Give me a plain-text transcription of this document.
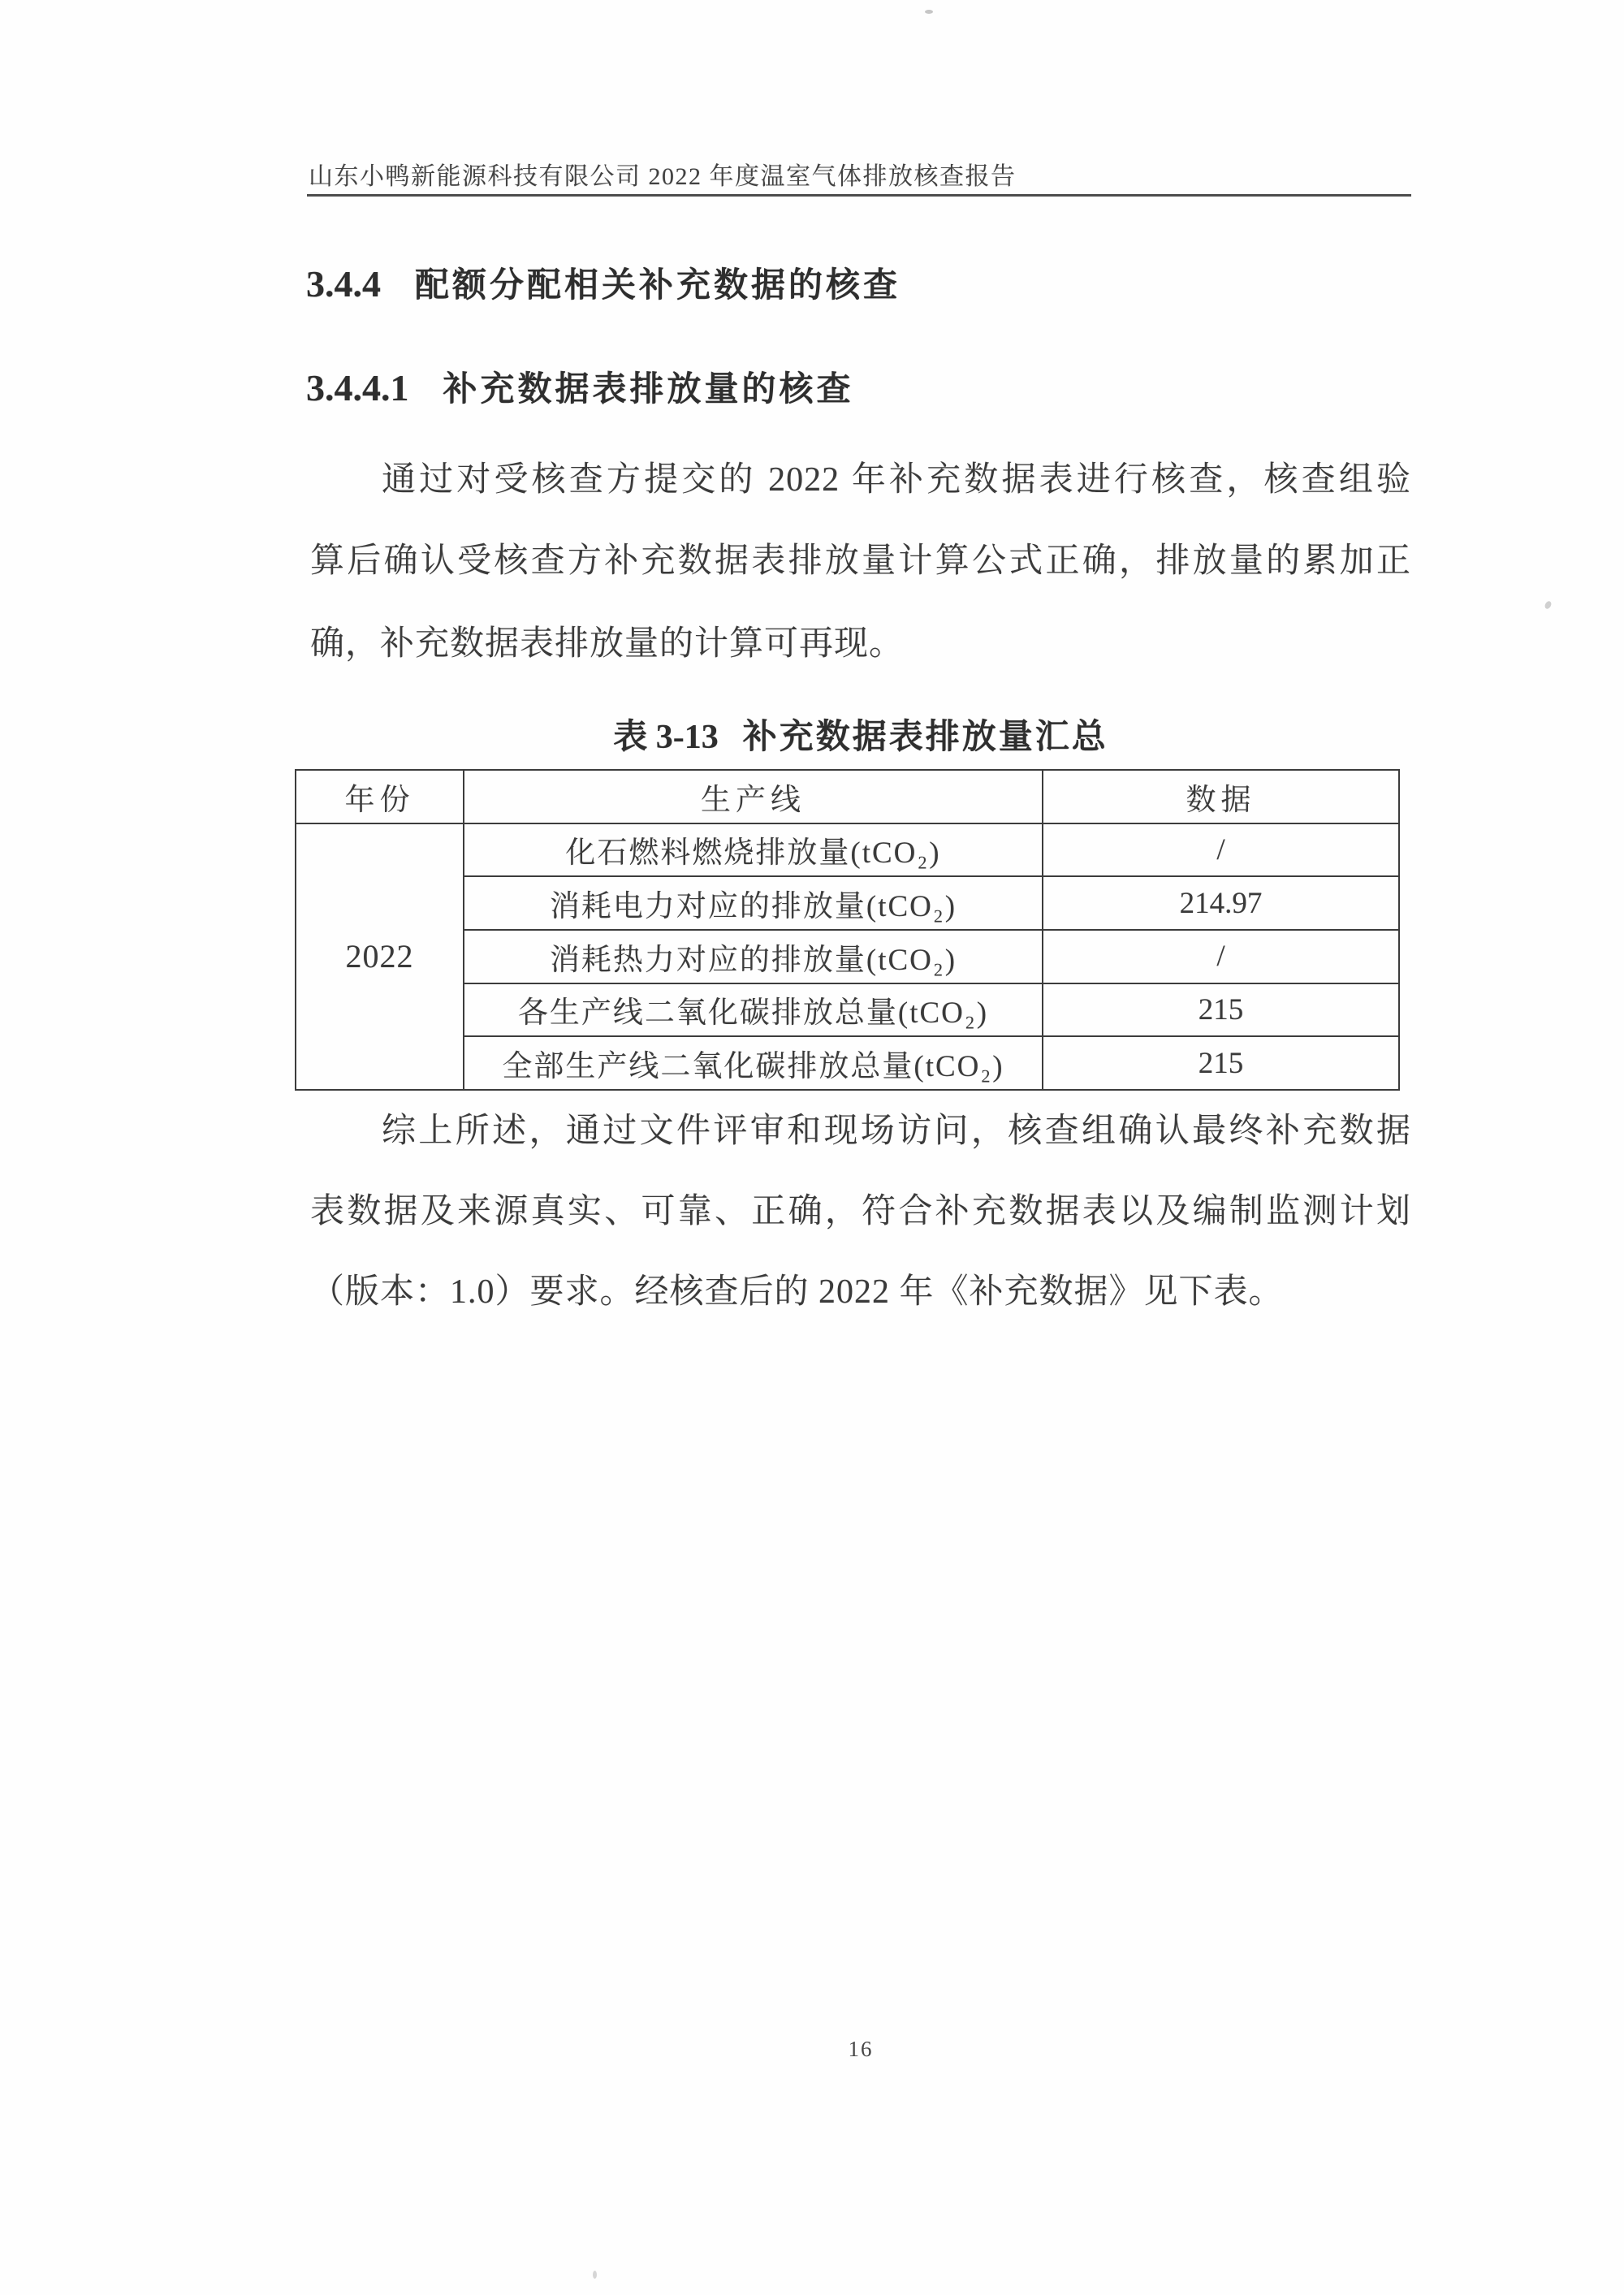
山东小鸭新能源科技有限公司 2022 年度温室气体排放核查报告
3.4.4 配额分配相关补充数据的核查
3.4.4.1 补充数据表排放量的核查
通过对受核查方提交的 2022 年补充数据表进行核查，核查组验
算后确认受核查方补充数据表排放量计算公式正确，排放量的累加正
确，补充数据表排放量的计算可再现。
表 3-13 补充数据表排放量汇总
年份	生产线	数据
2022	化石燃料燃烧排放量(tCO₂)	/
	消耗电力对应的排放量(tCO₂)	214.97
	消耗热力对应的排放量(tCO₂)	/
	各生产线二氧化碳排放总量(tCO₂)	215
	全部生产线二氧化碳排放总量(tCO₂)	215
综上所述，通过文件评审和现场访问，核查组确认最终补充数据
表数据及来源真实、可靠、正确，符合补充数据表以及编制监测计划
（版本：1.0）要求。经核查后的 2022 年《补充数据》见下表。
16
